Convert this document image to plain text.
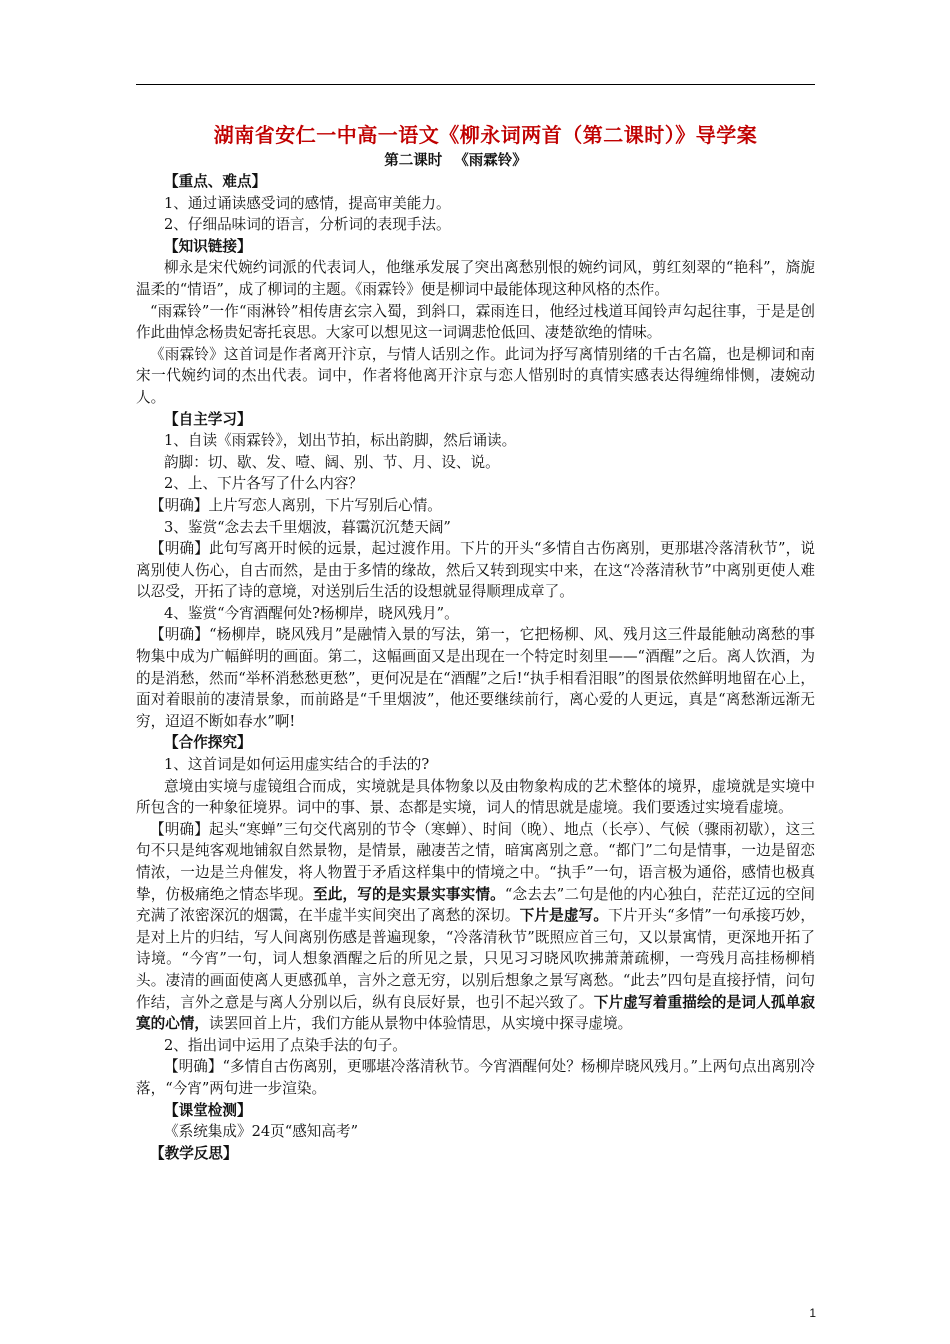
湖南省安仁一中高一语文《柳永词两首（第二课时）》导学案
第二课时 《雨霖铃》
【重点、难点】
1、通过诵读感受词的感情，提高审美能力。
2、仔细品味词的语言，分析词的表现手法。
【知识链接】
柳永是宋代婉约词派的代表词人，他继承发展了突出离愁别恨的婉约词风，剪红刻翠的“艳科”，旖旎温柔的“情语”，成了柳词的主题。《雨霖铃》便是柳词中最能体现这种风格的杰作。
“雨霖铃”一作“雨淋铃”相传唐玄宗入蜀，到斜口，霖雨连日，他经过栈道耳闻铃声勾起往事，于是是创作此曲悼念杨贵妃寄托哀思。大家可以想见这一词调悲怆低回、凄楚欲绝的情味。
《雨霖铃》这首词是作者离开汴京，与情人话别之作。此词为抒写离情别绪的千古名篇，也是柳词和南宋一代婉约词的杰出代表。词中，作者将他离开汴京与恋人惜别时的真情实感表达得缠绵悱恻，凄婉动人。
【自主学习】
1、自读《雨霖铃》，划出节拍，标出韵脚，然后诵读。
韵脚：切、歇、发、噎、阔、别、节、月、设、说。
2、上、下片各写了什么内容？
【明确】上片写恋人离别，下片写别后心情。
3、鉴赏“念去去千里烟波，暮霭沉沉楚天阔”
【明确】此句写离开时候的远景，起过渡作用。下片的开头“多情自古伤离别，更那堪冷落清秋节”，说离别使人伤心，自古而然，是由于多情的缘故，然后又转到现实中来，在这“冷落清秋节”中离别更使人难以忍受，开拓了诗的意境，对送别后生活的设想就显得顺理成章了。
4、鉴赏“今宵酒醒何处?杨柳岸，晓风残月”。
【明确】“杨柳岸，晓风残月”是融情入景的写法，第一，它把杨柳、风、残月这三件最能触动离愁的事物集中成为广幅鲜明的画面。第二，这幅画面又是出现在一个特定时刻里——“酒醒”之后。离人饮酒，为的是消愁，然而“举杯消愁愁更愁”，更何况是在“酒醒”之后!“执手相看泪眼”的图景依然鲜明地留在心上，面对着眼前的凄清景象，而前路是“千里烟波”，他还要继续前行，离心爱的人更远，真是“离愁渐远渐无穷，迢迢不断如春水”啊!
【合作探究】
1、这首词是如何运用虚实结合的手法的?
意境由实境与虚镜组合而成，实境就是具体物象以及由物象构成的艺术整体的境界，虚境就是实境中所包含的一种象征境界。词中的事、景、态都是实境，词人的情思就是虚境。我们要透过实境看虚境。
【明确】起头“寒蝉”三句交代离别的节令（寒蝉）、时间（晚）、地点（长亭）、气候（骤雨初歇），这三句不只是纯客观地铺叙自然景物，是情景，融凄苦之情，暗寓离别之意。“都门”二句是情事，一边是留恋情浓，一边是兰舟催发，将人物置于矛盾这样集中的情境之中。“执手”一句，语言极为通俗，感情也极真挚，仿极痛绝之情态毕现。至此，写的是实景实事实情。“念去去”二句是他的内心独白，茫茫辽远的空间充满了浓密深沉的烟霭，在半虚半实间突出了离愁的深切。下片是虚写。下片开头“多情”一句承接巧妙，是对上片的归结，写人间离别伤感是普遍现象，“冷落清秋节”既照应首三句，又以景寓情，更深地开拓了诗境。“今宵”一句，词人想象酒醒之后的所见之景，只见习习晓风吹拂萧萧疏柳，一弯残月高挂杨柳梢头。凄清的画面使离人更感孤单，言外之意无穷，以别后想象之景写离愁。“此去”四句是直接抒情，问句作结，言外之意是与离人分别以后，纵有良辰好景，也引不起兴致了。下片虚写着重描绘的是词人孤单寂寞的心情，读罢回首上片，我们方能从景物中体验情思，从实境中探寻虚境。
2、指出词中运用了点染手法的句子。
【明确】“多情自古伤离别，更哪堪冷落清秋节。今宵酒醒何处？杨柳岸晓风残月。”上两句点出离别冷落，“今宵”两句进一步渲染。
【课堂检测】
《系统集成》24页“感知高考”
【教学反思】
1
